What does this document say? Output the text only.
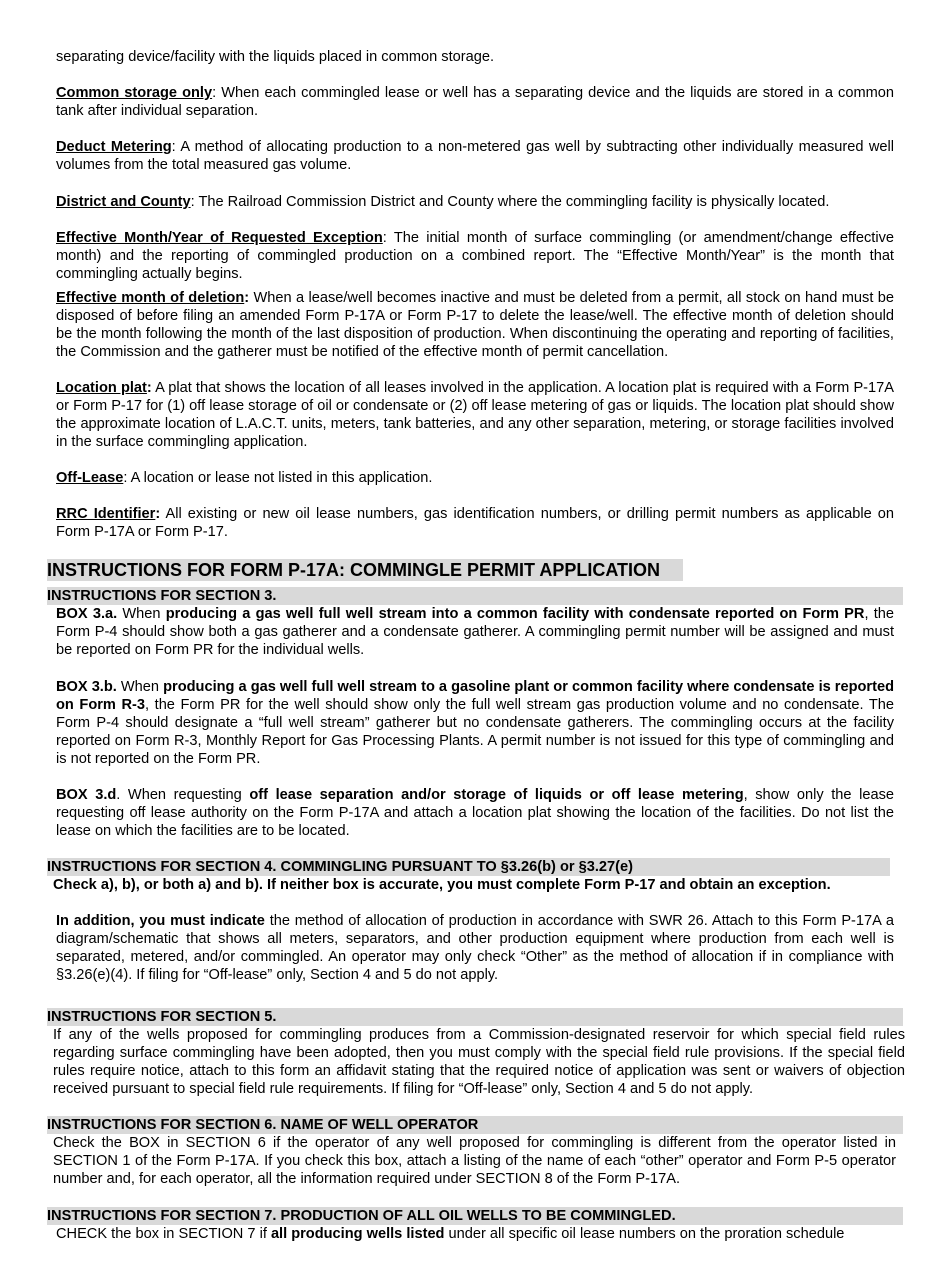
separating device/facility with the liquids placed in common storage.

Common storage only: When each commingled lease or well has a separating device and the liquids are stored in a common tank after individual separation.

Deduct Metering: A method of allocating production to a non-metered gas well by subtracting other individually measured well volumes from the total measured gas volume.

District and County: The Railroad Commission District and County where the commingling facility is physically located.

Effective Month/Year of Requested Exception: The initial month of surface commingling (or amendment/change effective month) and the reporting of commingled production on a combined report. The “Effective Month/Year” is the month that commingling actually begins.

Effective month of deletion: When a lease/well becomes inactive and must be deleted from a permit, all stock on hand must be disposed of before filing an amended Form P-17A or Form P-17 to delete the lease/well. The effective month of deletion should be the month following the month of the last disposition of production. When discontinuing the operating and reporting of facilities, the Commission and the gatherer must be notified of the effective month of permit cancellation.

Location plat: A plat that shows the location of all leases involved in the application. A location plat is required with a Form P-17A or Form P-17 for (1) off lease storage of oil or condensate or (2) off lease metering of gas or liquids. The location plat should show the approximate location of L.A.C.T. units, meters, tank batteries, and any other separation, metering, or storage facilities involved in the surface commingling application.

Off-Lease: A location or lease not listed in this application.

RRC Identifier: All existing or new oil lease numbers, gas identification numbers, or drilling permit numbers as applicable on Form P-17A or Form P-17.

INSTRUCTIONS FOR FORM P-17A: COMMINGLE PERMIT APPLICATION
INSTRUCTIONS FOR SECTION 3.

BOX 3.a. When producing a gas well full well stream into a common facility with condensate reported on Form PR, the Form P-4 should show both a gas gatherer and a condensate gatherer. A commingling permit number will be assigned and must be reported on Form PR for the individual wells.

BOX 3.b. When producing a gas well full well stream to a gasoline plant or common facility where condensate is reported on Form R-3, the Form PR for the well should show only the full well stream gas production volume and no condensate. The Form P-4 should designate a “full well stream” gatherer but no condensate gatherers. The commingling occurs at the facility reported on Form R-3, Monthly Report for Gas Processing Plants. A permit number is not issued for this type of commingling and is not reported on the Form PR.

BOX 3.d. When requesting off lease separation and/or storage of liquids or off lease metering, show only the lease requesting off lease authority on the Form P-17A and attach a location plat showing the location of the facilities. Do not list the lease on which the facilities are to be located.

INSTRUCTIONS FOR SECTION 4. COMMINGLING PURSUANT TO §3.26(b) or §3.27(e)

Check a), b), or both a) and b). If neither box is accurate, you must complete Form P-17 and obtain an exception.

In addition, you must indicate the method of allocation of production in accordance with SWR 26. Attach to this Form P-17A a diagram/schematic that shows all meters, separators, and other production equipment where production from each well is separated, metered, and/or commingled. An operator may only check “Other” as the method of allocation if in compliance with §3.26(e)(4). If filing for “Off-lease” only, Section 4 and 5 do not apply.

INSTRUCTIONS FOR SECTION 5.

If any of the wells proposed for commingling produces from a Commission-designated reservoir for which special field rules regarding surface commingling have been adopted, then you must comply with the special field rule provisions. If the special field rules require notice, attach to this form an affidavit stating that the required notice of application was sent or waivers of objection received pursuant to special field rule requirements. If filing for “Off-lease” only, Section 4 and 5 do not apply.

INSTRUCTIONS FOR SECTION 6. NAME OF WELL OPERATOR

Check the BOX in SECTION 6 if the operator of any well proposed for commingling is different from the operator listed in SECTION 1 of the Form P-17A. If you check this box, attach a listing of the name of each “other” operator and Form P-5 operator number and, for each operator, all the information required under SECTION 8 of the Form P-17A.

INSTRUCTIONS FOR SECTION 7. PRODUCTION OF ALL OIL WELLS TO BE COMMINGLED.

CHECK the box in SECTION 7 if all producing wells listed under all specific oil lease numbers on the proration schedule
